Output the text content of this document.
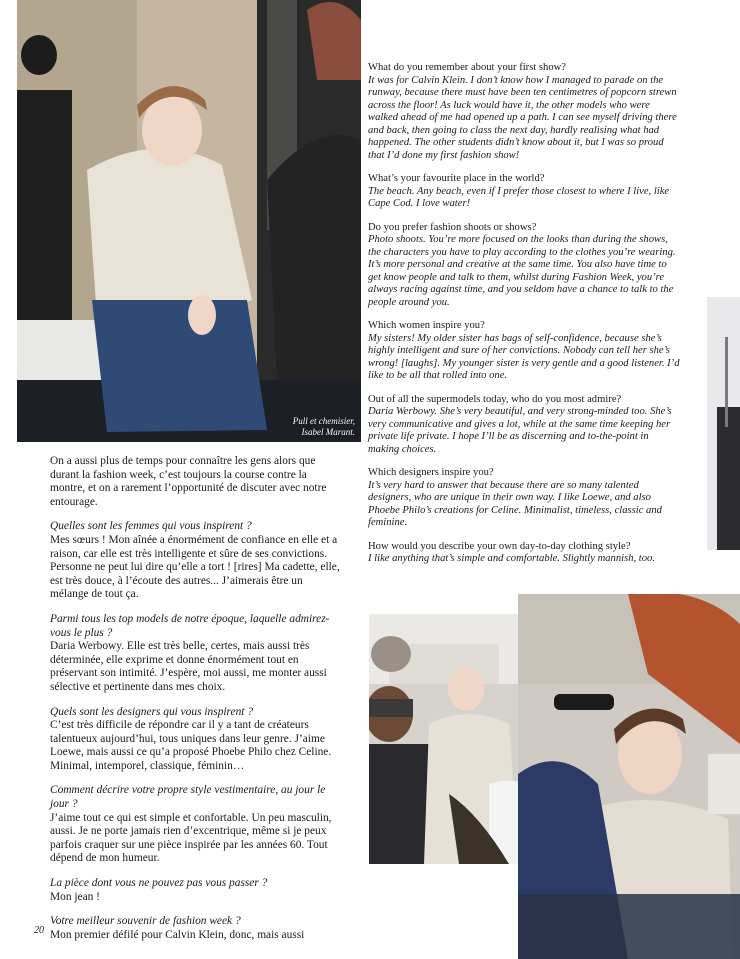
Pull et chemisier,
Isabel Marant.

On a aussi plus de temps pour connaître les gens alors que durant la fashion week, c’est toujours la course contre la montre, et on a rarement l’opportunité de discuter avec notre entourage.

Quelles sont les femmes qui vous inspirent ?

Mes sœurs ! Mon aînée a énormément de confiance en elle et a raison, car elle est très intelligente et sûre de ses convictions. Personne ne peut lui dire qu’elle a tort ! [rires] Ma cadette, elle, est très douce, à l’écoute des autres... J’aimerais être un mélange de tout ça.

Parmi tous les top models de notre époque, laquelle admirez-vous le plus ?

Daria Werbowy. Elle est très belle, certes, mais aussi très déterminée, elle exprime et donne énormément tout en préservant son intimité. J’espère, moi aussi, me monter aussi sélective et pertinente dans mes choix.

Quels sont les designers qui vous inspirent ?

C’est très difficile de répondre car il y a tant de créateurs talentueux aujourd’hui, tous uniques dans leur genre. J’aime Loewe, mais aussi ce qu’a proposé Phoebe Philo chez Celine. Minimal, intemporel, classique, féminin…

Comment décrire votre propre style vestimentaire, au jour le jour ?

J’aime tout ce qui est simple et confortable. Un peu masculin, aussi. Je ne porte jamais rien d’excentrique, même si je peux parfois craquer sur une pièce inspirée par les années 60. Tout dépend de mon humeur.

La pièce dont vous ne pouvez pas vous passer ?

Mon jean !

Votre meilleur souvenir de fashion week ?

Mon premier défilé pour Calvin Klein, donc, mais aussi

What do you remember about your first show?

It was for Calvin Klein. I don’t know how I managed to parade on the runway, because there must have been ten centimetres of popcorn strewn across the floor! As luck would have it, the other models who were walked ahead of me had opened up a path. I can see myself driving there and back, then going to class the next day, hardly realising what had happened. The other students didn’t know about it, but I was so proud that I’d done my first fashion show!

What’s your favourite place in the world?

The beach. Any beach, even if I prefer those closest to where I live, like Cape Cod. I love water!

Do you prefer fashion shoots or shows?

Photo shoots. You’re more focused on the looks than during the shows, the characters you have to play according to the clothes you’re wearing. It’s more personal and creative at the same time. You also have time to get know people and talk to them, whilst during Fashion Week, you’re always racing against time, and you seldom have a chance to talk to the people around you.

Which women inspire you?

My sisters! My older sister has bags of self-confidence, because she’s highly intelligent and sure of her convictions. Nobody can tell her she’s wrong! [laughs]. My younger sister is very gentle and a good listener. I’d like to be all that rolled into one.

Out of all the supermodels today, who do you most admire?

Daria Werbowy. She’s very beautiful, and very strong-minded too. She’s very communicative and gives a lot, while at the same time keeping her private life private. I hope I’ll be as discerning and to-the-point in making choices.

Which designers inspire you?

It’s very hard to answer that because there are so many talented designers, who are unique in their own way. I like Loewe, and also Phoebe Philo’s creations for Celine. Minimalist, timeless, classic and feminine.

How would you describe your own day-to-day clothing style?

I like anything that’s simple and comfortable. Slightly mannish, too.

20
